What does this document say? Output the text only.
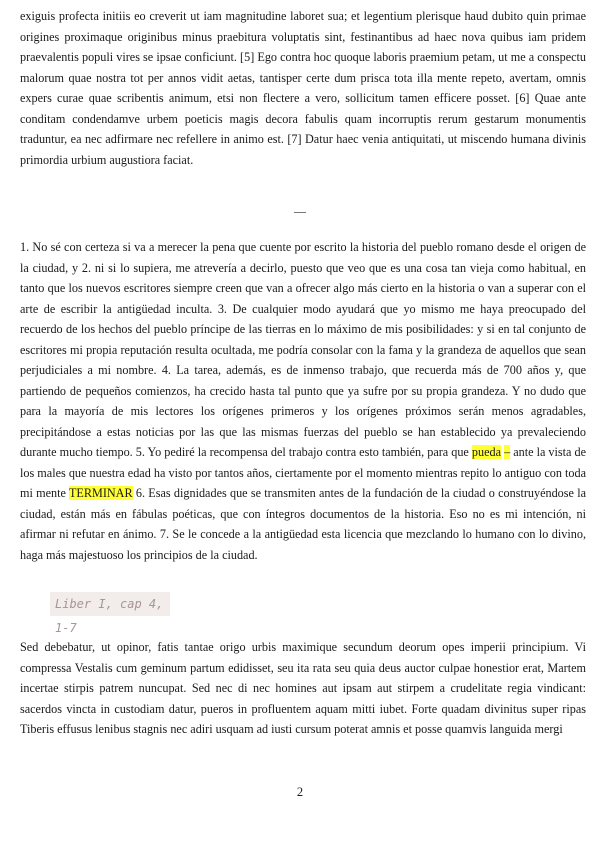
exiguis profecta initiis eo creverit ut iam magnitudine laboret sua; et legentium plerisque haud dubito quin primae origines proximaque originibus minus praebitura voluptatis sint, festinantibus ad haec nova quibus iam pridem praevalentis populi vires se ipsae conficiunt. [5] Ego contra hoc quoque laboris praemium petam, ut me a conspectu malorum quae nostra tot per annos vidit aetas, tantisper certe dum prisca tota illa mente repeto, avertam, omnis expers curae quae scribentis animum, etsi non flectere a vero, sollicitum tamen efficere posset. [6] Quae ante conditam condendamve urbem poeticis magis decora fabulis quam incorruptis rerum gestarum monumentis traduntur, ea nec adfirmare nec refellere in animo est. [7] Datur haec venia antiquitati, ut miscendo humana divinis primordia urbium augustiora faciat.

—

1. No sé con certeza si va a merecer la pena que cuente por escrito la historia del pueblo romano desde el origen de la ciudad, y 2. ni si lo supiera, me atrevería a decirlo, puesto que veo que es una cosa tan vieja como habitual, en tanto que los nuevos escritores siempre creen que van a ofrecer algo más cierto en la historia o van a superar con el arte de escribir la antigüedad inculta. 3. De cualquier modo ayudará que yo mismo me haya preocupado del recuerdo de los hechos del pueblo príncipe de las tierras en lo máximo de mis posibilidades: y si en tal conjunto de escritores mi propia reputación resulta ocultada, me podría consolar con la fama y la grandeza de aquellos que sean perjudiciales a mi nombre. 4. La tarea, además, es de inmenso trabajo, que recuerda más de 700 años y, que partiendo de pequeños comienzos, ha crecido hasta tal punto que ya sufre por su propia grandeza. Y no dudo que para la mayoría de mis lectores los orígenes primeros y los orígenes próximos serán menos agradables, precipitándose a estas noticias por las que las mismas fuerzas del pueblo se han establecido ya prevaleciendo durante mucho tiempo. 5. Yo pediré la recompensa del trabajo contra esto también, para que pueda – ante la vista de los males que nuestra edad ha visto por tantos años, ciertamente por el momento mientras repito lo antiguo con toda mi mente TERMINAR 6. Esas dignidades que se transmiten antes de la fundación de la ciudad o construyéndose la ciudad, están más en fábulas poéticas, que con íntegros documentos de la historia. Eso no es mi intención, ni afirmar ni refutar en ánimo. 7. Se le concede a la antigüedad esta licencia que mezclando lo humano con lo divino, haga más majestuoso los principios de la ciudad.

Liber I, cap 4, 1-7

Sed debebatur, ut opinor, fatis tantae origo urbis maximique secundum deorum opes imperii principium. Vi compressa Vestalis cum geminum partum edidisset, seu ita rata seu quia deus auctor culpae honestior erat, Martem incertae stirpis patrem nuncupat. Sed nec di nec homines aut ipsam aut stirpem a crudelitate regia vindicant: sacerdos vincta in custodiam datur, pueros in profluentem aquam mitti iubet. Forte quadam divinitus super ripas Tiberis effusus lenibus stagnis nec adiri usquam ad iusti cursum poterat amnis et posse quamvis languida mergi

2
